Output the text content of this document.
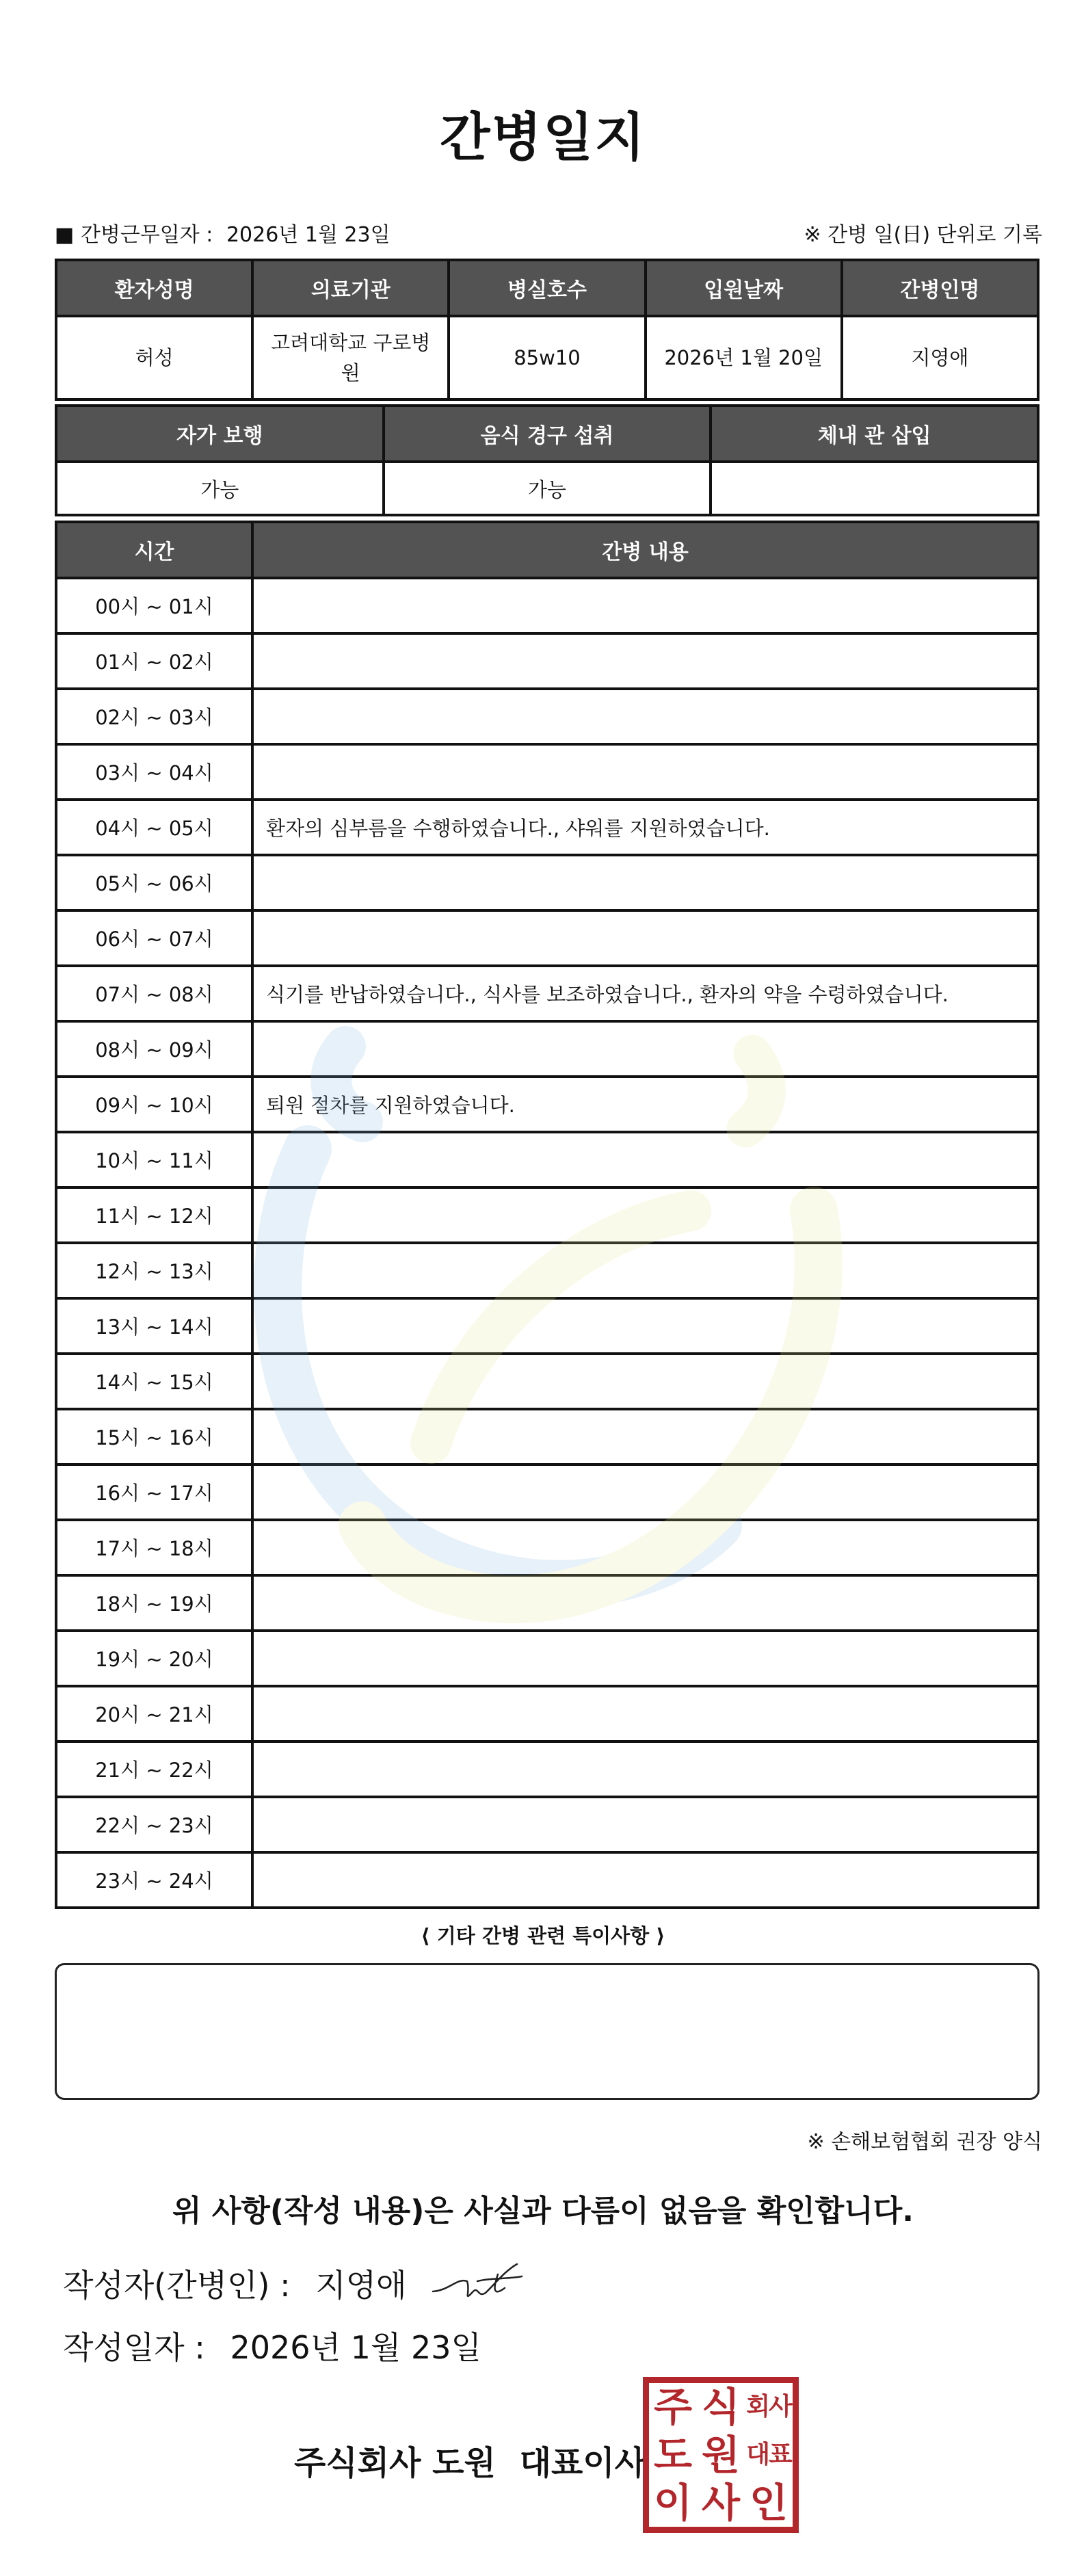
간병일지
■ 간병근무일자 : 2026년 1월 23일	※ 간병 일(日) 단위로 기록
환자성명	의료기관	병실호수	입원날짜	간병인명
허성	고려대학교 구로병원	85w10	2026년 1월 20일	지영애
자가 보행	음식 경구 섭취	체내 관 삽입
가능	가능	
시간	간병 내용
00시 ~ 01시	
01시 ~ 02시	
02시 ~ 03시	
03시 ~ 04시	
04시 ~ 05시	환자의 심부름을 수행하였습니다., 샤워를 지원하였습니다.
05시 ~ 06시	
06시 ~ 07시	
07시 ~ 08시	식기를 반납하였습니다., 식사를 보조하였습니다., 환자의 약을 수령하였습니다.
08시 ~ 09시	
09시 ~ 10시	퇴원 절차를 지원하였습니다.
10시 ~ 11시	
11시 ~ 12시	
12시 ~ 13시	
13시 ~ 14시	
14시 ~ 15시	
15시 ~ 16시	
16시 ~ 17시	
17시 ~ 18시	
18시 ~ 19시	
19시 ~ 20시	
20시 ~ 21시	
21시 ~ 22시	
22시 ~ 23시	
23시 ~ 24시	
⟨ 기타 간병 관련 특이사항 ⟩
※ 손해보험협회 권장 양식
위 사항(작성 내용)은 사실과 다름이 없음을 확인합니다.
작성자(간병인) : 지영애
작성일자 : 2026년 1월 23일
주식회사 도원 대표이사
주 식 회사
도 원 대표
이 사 인
